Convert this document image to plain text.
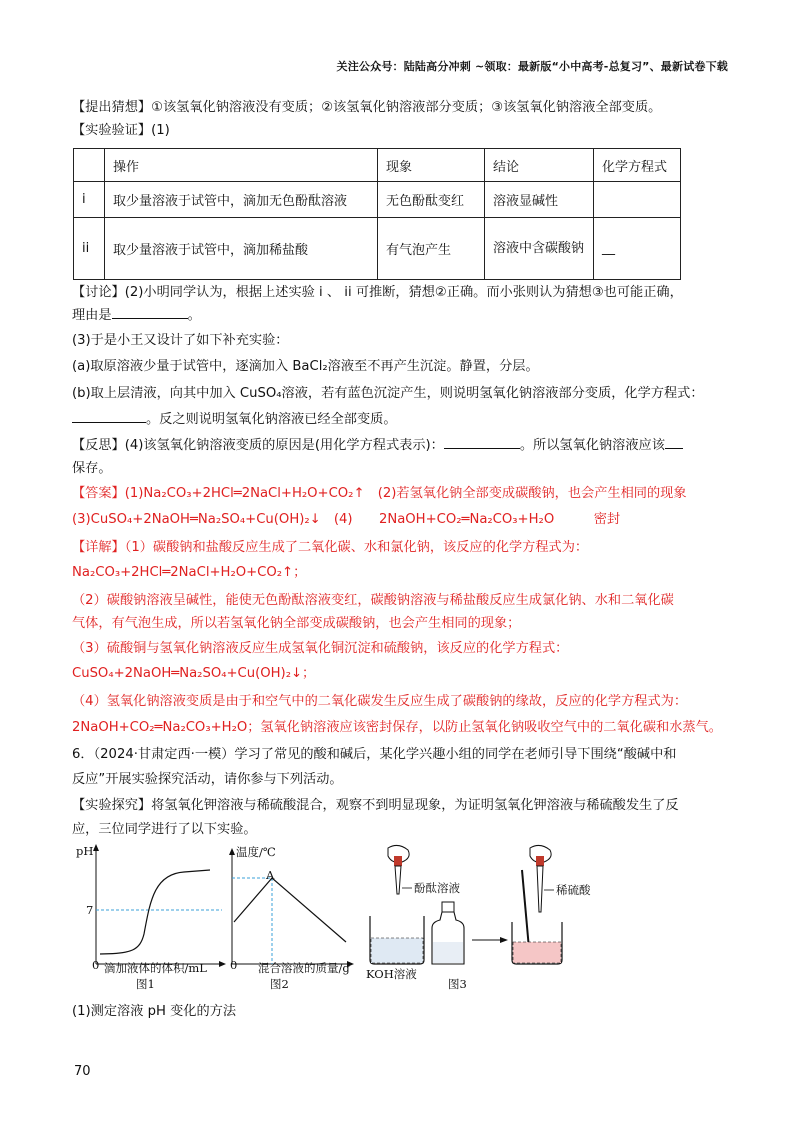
关注公众号：陆陆高分冲刺 ~领取：最新版“小中高考-总复习”、最新试卷下载
【提出猜想】①该氢氧化钠溶液没有变质；②该氢氧化钠溶液部分变质；③该氢氧化钠溶液全部变质。
【实验验证】(1)
	操作	现象	结论	化学方程式
i	取少量溶液于试管中，滴加无色酚酞溶液	无色酚酞变红	溶液显碱性	
ii	取少量溶液于试管中，滴加稀盐酸	有气泡产生	溶液中含碳酸钠	__
【讨论】(2)小明同学认为，根据上述实验 i 、 ii 可推断，猜想②正确。而小张则认为猜想③也可能正确，
理由是	。
(3)于是小王又设计了如下补充实验：
(a)取原溶液少量于试管中，逐滴加入 BaCl₂溶液至不再产生沉淀。静置，分层。
(b)取上层清液，向其中加入 CuSO₄溶液，若有蓝色沉淀产生，则说明氢氧化钠溶液部分变质，化学方程式：
。反之则说明氢氧化钠溶液已经全部变质。
【反思】(4)该氢氧化钠溶液变质的原因是(用化学方程式表示)：	。所以氢氧化钠溶液应该
保存。
【答案】(1)Na₂CO₃+2HCl═2NaCl+H₂O+CO₂↑　(2)若氢氧化钠全部变成碳酸钠，也会产生相同的现象
(3)CuSO₄+2NaOH═Na₂SO₄+Cu(OH)₂↓　(4)　　2NaOH+CO₂═Na₂CO₃+H₂O　　　密封
【详解】（1）碳酸钠和盐酸反应生成了二氧化碳、水和氯化钠，该反应的化学方程式为：
Na₂CO₃+2HCl═2NaCl+H₂O+CO₂↑；
（2）碳酸钠溶液呈碱性，能使无色酚酞溶液变红，碳酸钠溶液与稀盐酸反应生成氯化钠、水和二氧化碳
气体，有气泡生成，所以若氢氧化钠全部变成碳酸钠，也会产生相同的现象；
（3）硫酸铜与氢氧化钠溶液反应生成氢氧化铜沉淀和硫酸钠，该反应的化学方程式：
CuSO₄+2NaOH═Na₂SO₄+Cu(OH)₂↓；
（4）氢氧化钠溶液变质是由于和空气中的二氧化碳发生反应生成了碳酸钠的缘故，反应的化学方程式为：
2NaOH+CO₂═Na₂CO₃+H₂O；氢氧化钠溶液应该密封保存，以防止氢氧化钠吸收空气中的二氧化碳和水蒸气。
6．（2024·甘肃定西·一模）学习了常见的酸和碱后，某化学兴趣小组的同学在老师引导下围绕“酸碱中和
反应”开展实验探究活动，请你参与下列活动。
【实验探究】将氢氧化钾溶液与稀硫酸混合，观察不到明显现象，为证明氢氧化钾溶液与稀硫酸发生了反
应，三位同学进行了以下实验。
pH
7
0 滴加液体的体积/mL
图1
温度/℃
A
0 混合溶液的质量/g
图2
酚酞溶液
KOH溶液
稀硫酸
图3
(1)测定溶液 pH 变化的方法
70
